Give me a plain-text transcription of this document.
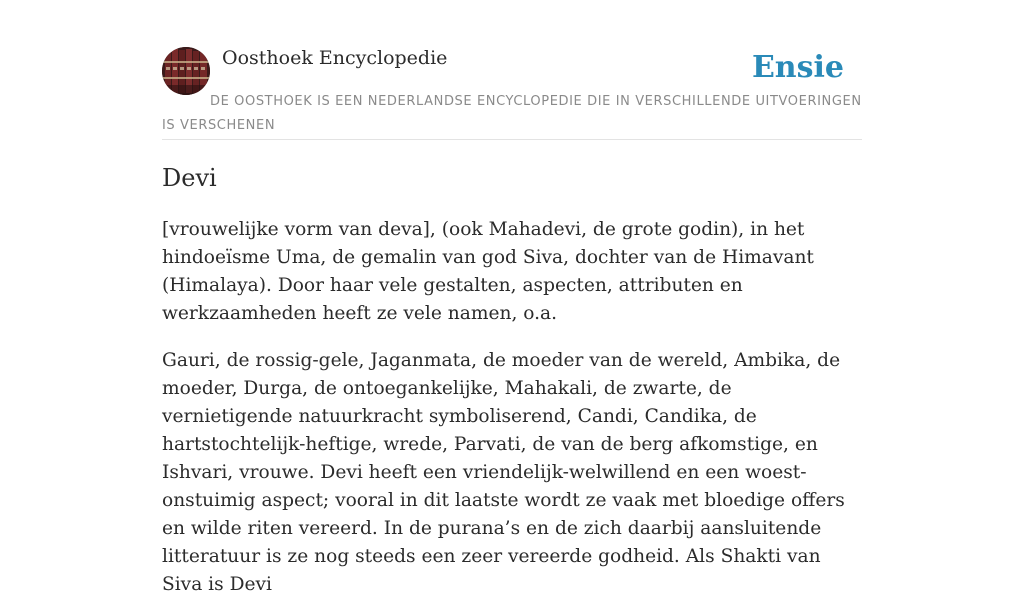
Oosthoek Encyclopedie	Ensie
DE OOSTHOEK IS EEN NEDERLANDSE ENCYCLOPEDIE DIE IN VERSCHILLENDE UITVOERINGEN IS VERSCHENEN
Devi

[vrouwelijke vorm van deva], (ook Mahadevi, de grote godin), in het hindoeïsme Uma, de gemalin van god Siva, dochter van de Himavant (Himalaya). Door haar vele gestalten, aspecten, attributen en werkzaamheden heeft ze vele namen, o.a.

Gauri, de rossig-gele, Jaganmata, de moeder van de wereld, Ambika, de moeder, Durga, de ontoegankelijke, Mahakali, de zwarte, de vernietigende natuurkracht symboliserend, Candi, Candika, de hartstochtelijk-heftige, wrede, Parvati, de van de berg afkomstige, en Ishvari, vrouwe. Devi heeft een vriendelijk-welwillend en een woest-onstuimig aspect; vooral in dit laatste wordt ze vaak met bloedige offers en wilde riten vereerd. In de purana’s en de zich daarbij aansluitende litteratuur is ze nog steeds een zeer vereerde godheid. Als Shakti van Siva is Devi
